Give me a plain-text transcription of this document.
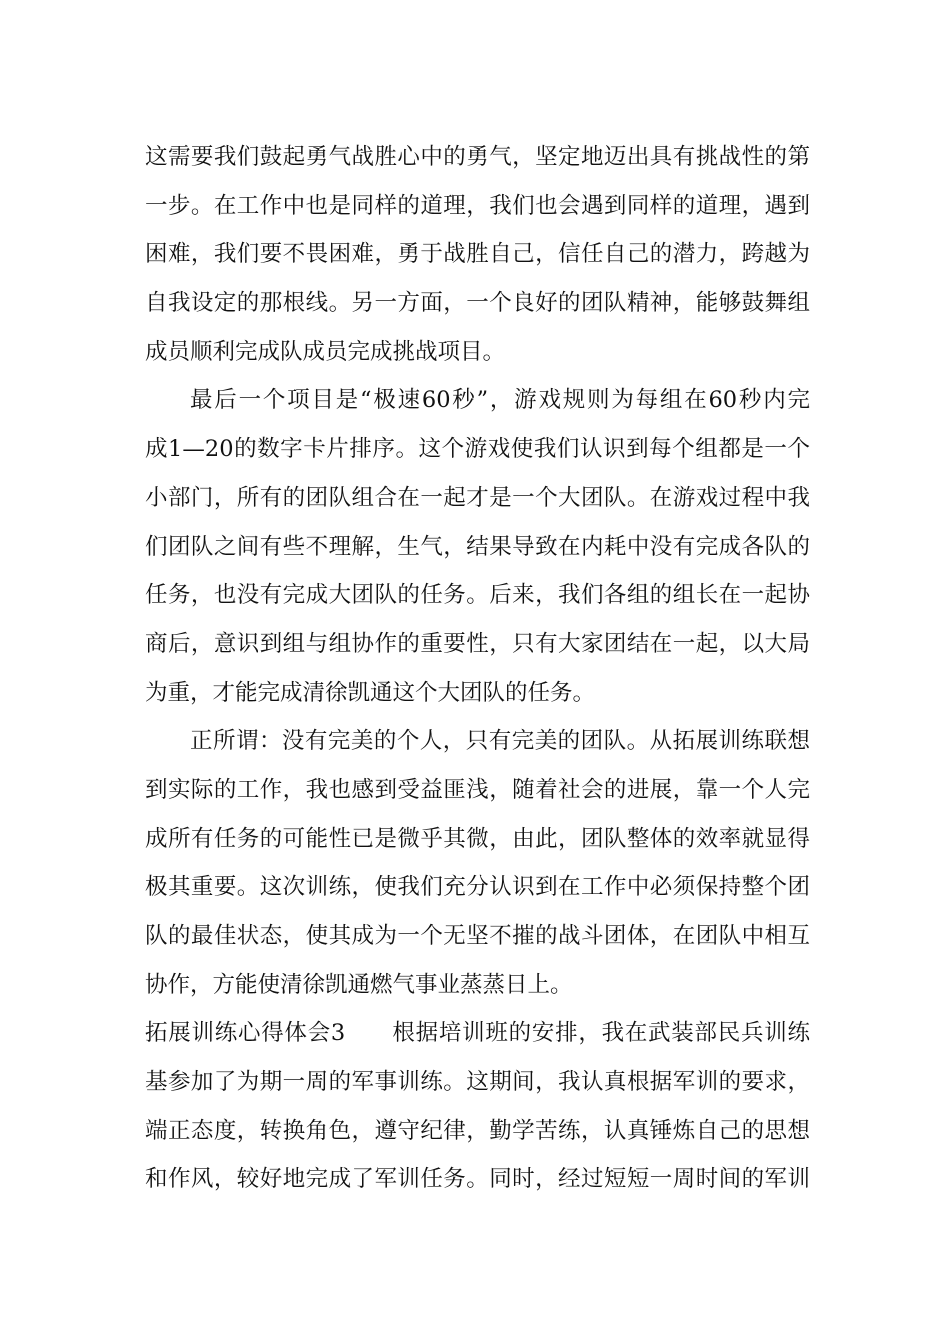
这需要我们鼓起勇气战胜心中的勇气，坚定地迈出具有挑战性的第
一步。在工作中也是同样的道理，我们也会遇到同样的道理，遇到
困难，我们要不畏困难，勇于战胜自己，信任自己的潜力，跨越为
自我设定的那根线。另一方面，一个良好的团队精神，能够鼓舞组
成员顺利完成队成员完成挑战项目。
最后一个项目是“极速60秒”，游戏规则为每组在60秒内完
成1—20的数字卡片排序。这个游戏使我们认识到每个组都是一个
小部门，所有的团队组合在一起才是一个大团队。在游戏过程中我
们团队之间有些不理解，生气，结果导致在内耗中没有完成各队的
任务，也没有完成大团队的任务。后来，我们各组的组长在一起协
商后，意识到组与组协作的重要性，只有大家团结在一起，以大局
为重，才能完成清徐凯通这个大团队的任务。
正所谓：没有完美的个人，只有完美的团队。从拓展训练联想
到实际的工作，我也感到受益匪浅，随着社会的进展，靠一个人完
成所有任务的可能性已是微乎其微，由此，团队整体的效率就显得
极其重要。这次训练，使我们充分认识到在工作中必须保持整个团
队的最佳状态，使其成为一个无坚不摧的战斗团体，在团队中相互
协作，方能使清徐凯通燃气事业蒸蒸日上。
拓展训练心得体会3　　根据培训班的安排，我在武装部民兵训练
基参加了为期一周的军事训练。这期间，我认真根据军训的要求，
端正态度，转换角色，遵守纪律，勤学苦练，认真锤炼自己的思想
和作风，较好地完成了军训任务。同时，经过短短一周时间的军训
